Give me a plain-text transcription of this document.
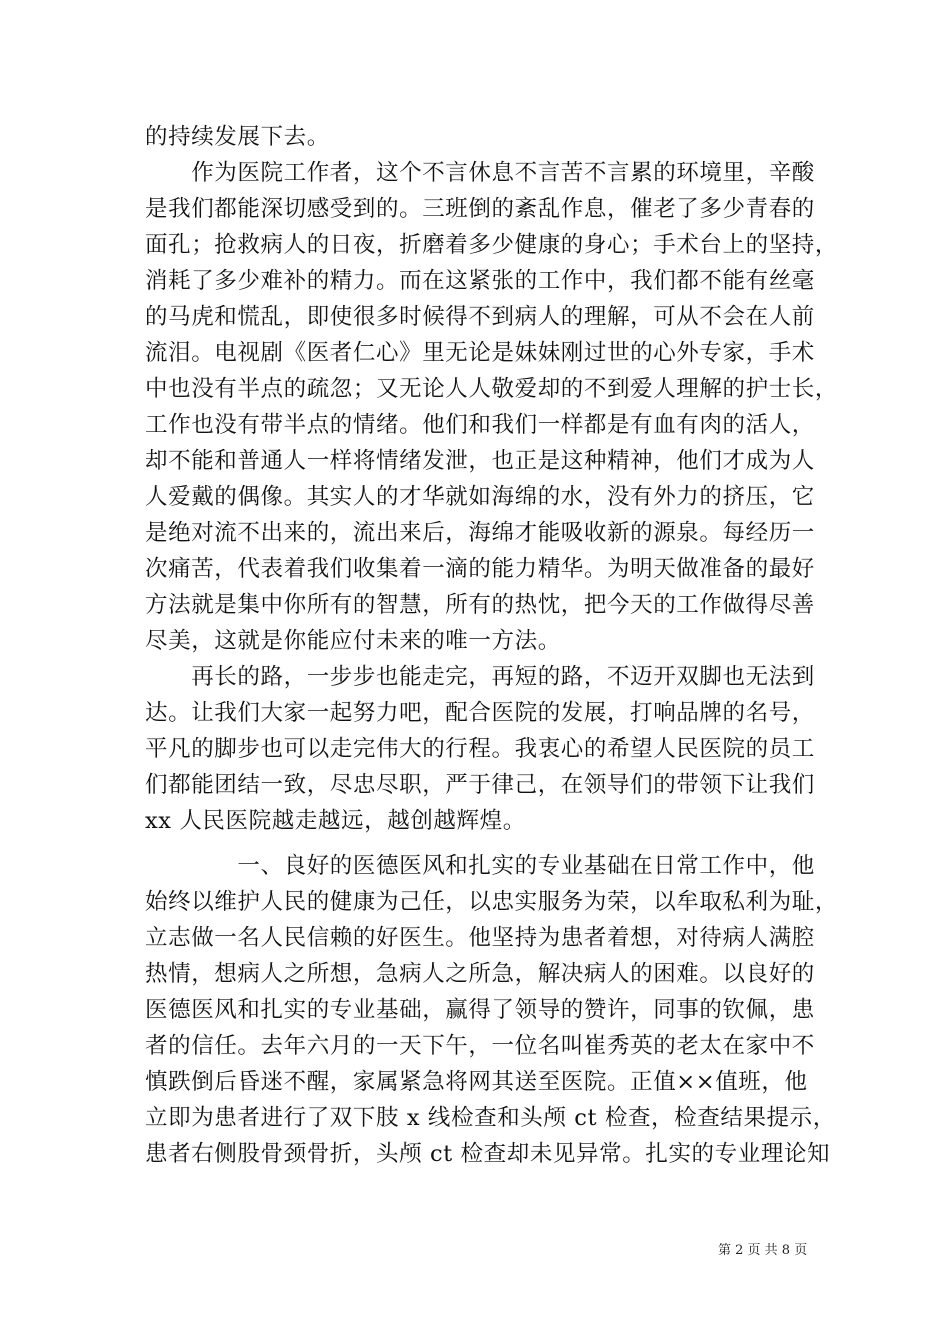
的持续发展下去。
　　作为医院工作者，这个不言休息不言苦不言累的环境里，辛酸
是我们都能深切感受到的。三班倒的紊乱作息，催老了多少青春的
面孔；抢救病人的日夜，折磨着多少健康的身心；手术台上的坚持，
消耗了多少难补的精力。而在这紧张的工作中，我们都不能有丝毫
的马虎和慌乱，即使很多时候得不到病人的理解，可从不会在人前
流泪。电视剧《医者仁心》里无论是妹妹刚过世的心外专家，手术
中也没有半点的疏忽；又无论人人敬爱却的不到爱人理解的护士长，
工作也没有带半点的情绪。他们和我们一样都是有血有肉的活人，
却不能和普通人一样将情绪发泄，也正是这种精神，他们才成为人
人爱戴的偶像。其实人的才华就如海绵的水，没有外力的挤压，它
是绝对流不出来的，流出来后，海绵才能吸收新的源泉。每经历一
次痛苦，代表着我们收集着一滴的能力精华。为明天做准备的最好
方法就是集中你所有的智慧，所有的热忱，把今天的工作做得尽善
尽美，这就是你能应付未来的唯一方法。
　　再长的路，一步步也能走完，再短的路，不迈开双脚也无法到
达。让我们大家一起努力吧，配合医院的发展，打响品牌的名号，
平凡的脚步也可以走完伟大的行程。我衷心的希望人民医院的员工
们都能团结一致，尽忠尽职，严于律己，在领导们的带领下让我们
xx 人民医院越走越远，越创越辉煌。
　　　　一、良好的医德医风和扎实的专业基础在日常工作中，他
始终以维护人民的健康为己任，以忠实服务为荣，以牟取私利为耻，
立志做一名人民信赖的好医生。他坚持为患者着想，对待病人满腔
热情，想病人之所想，急病人之所急，解决病人的困难。以良好的
医德医风和扎实的专业基础，赢得了领导的赞许，同事的钦佩，患
者的信任。去年六月的一天下午，一位名叫崔秀英的老太在家中不
慎跌倒后昏迷不醒，家属紧急将网其送至医院。正值××值班，他
立即为患者进行了双下肢 x 线检查和头颅 ct 检查，检查结果提示，
患者右侧股骨颈骨折，头颅 ct 检查却未见异常。扎实的专业理论知
第 2 页 共 8 页
